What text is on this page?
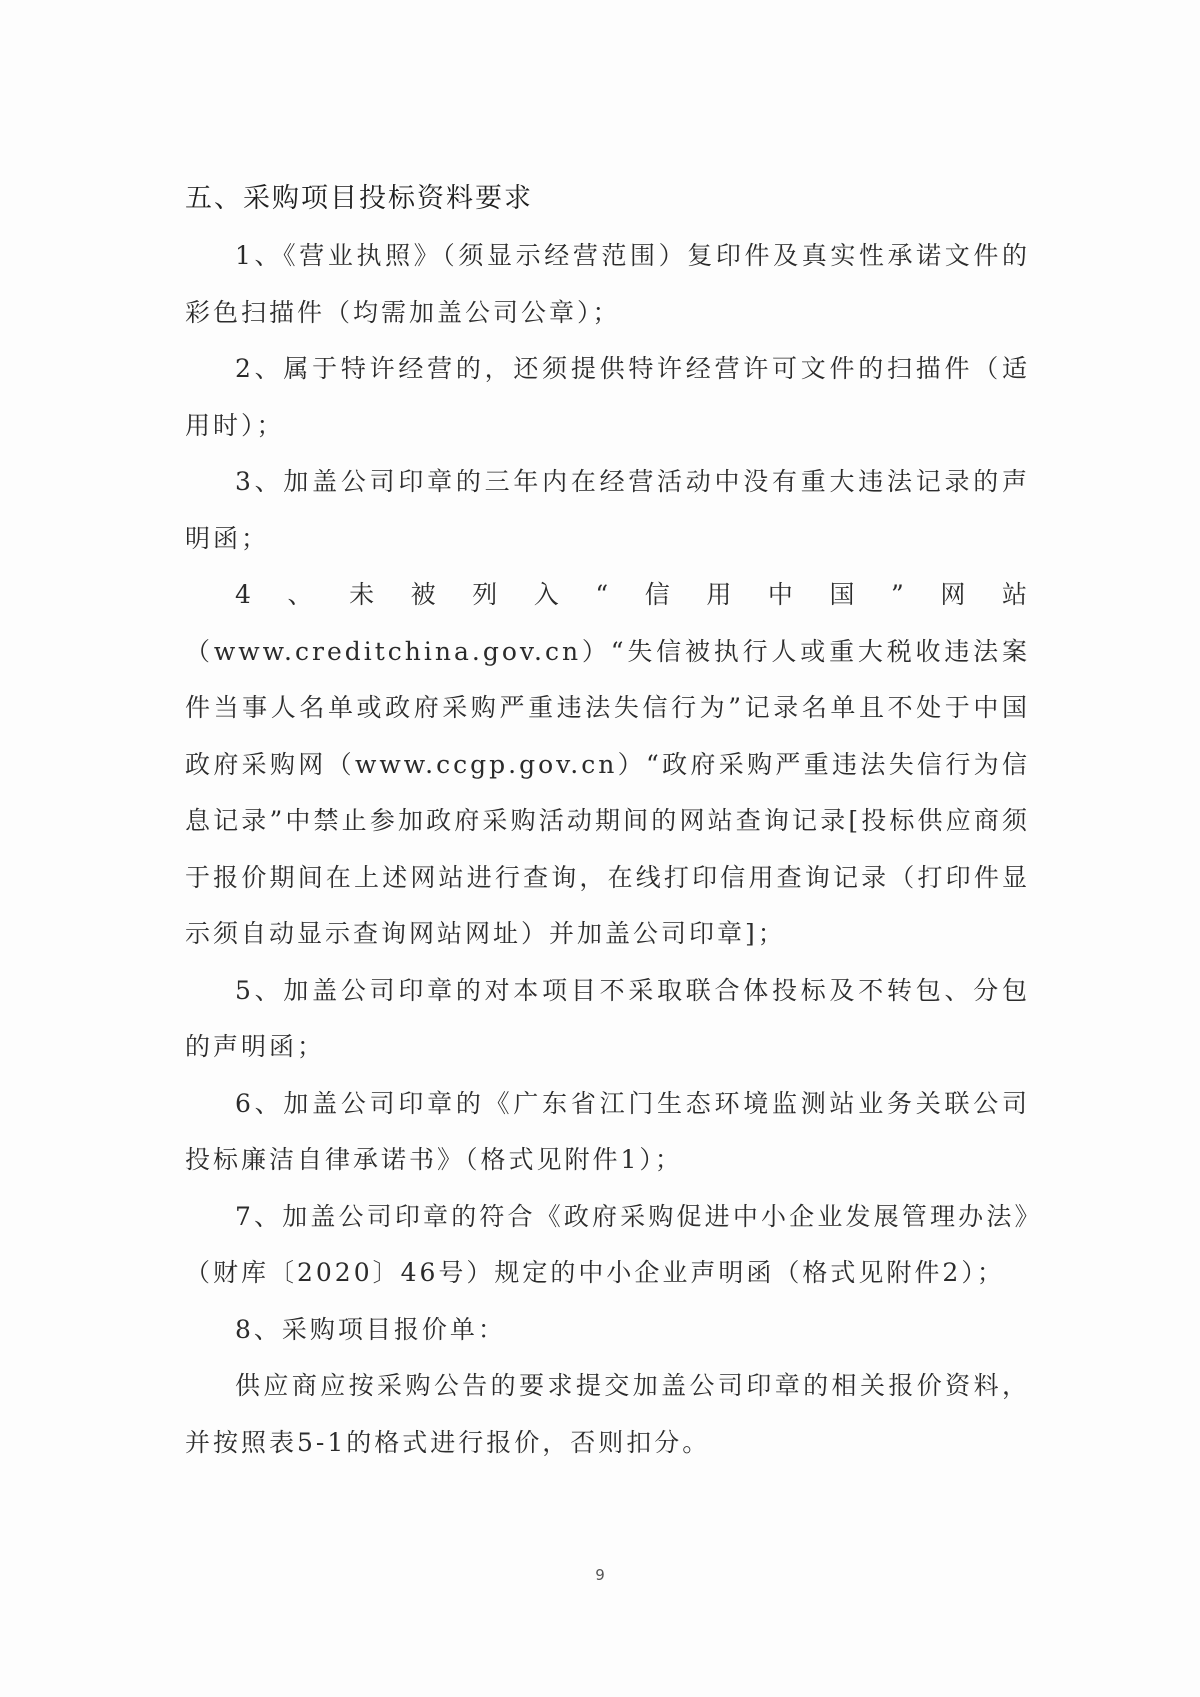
五、采购项目投标资料要求

1、《营业执照》（须显示经营范围）复印件及真实性承诺文件的彩色扫描件（均需加盖公司公章）；

2、属于特许经营的，还须提供特许经营许可文件的扫描件（适用时）；

3、加盖公司印章的三年内在经营活动中没有重大违法记录的声明函；

4、未被列入“信用中国”网站（www.creditchina.gov.cn）“失信被执行人或重大税收违法案件当事人名单或政府采购严重违法失信行为”记录名单且不处于中国政府采购网（www.ccgp.gov.cn）“政府采购严重违法失信行为信息记录”中禁止参加政府采购活动期间的网站查询记录[投标供应商须于报价期间在上述网站进行查询，在线打印信用查询记录（打印件显示须自动显示查询网站网址）并加盖公司印章]；

5、加盖公司印章的对本项目不采取联合体投标及不转包、分包的声明函；

6、加盖公司印章的《广东省江门生态环境监测站业务关联公司投标廉洁自律承诺书》（格式见附件1）；

7、加盖公司印章的符合《政府采购促进中小企业发展管理办法》（财库〔2020〕46号）规定的中小企业声明函（格式见附件2）；

8、采购项目报价单：

供应商应按采购公告的要求提交加盖公司印章的相关报价资料，并按照表5-1的格式进行报价，否则扣分。

9
